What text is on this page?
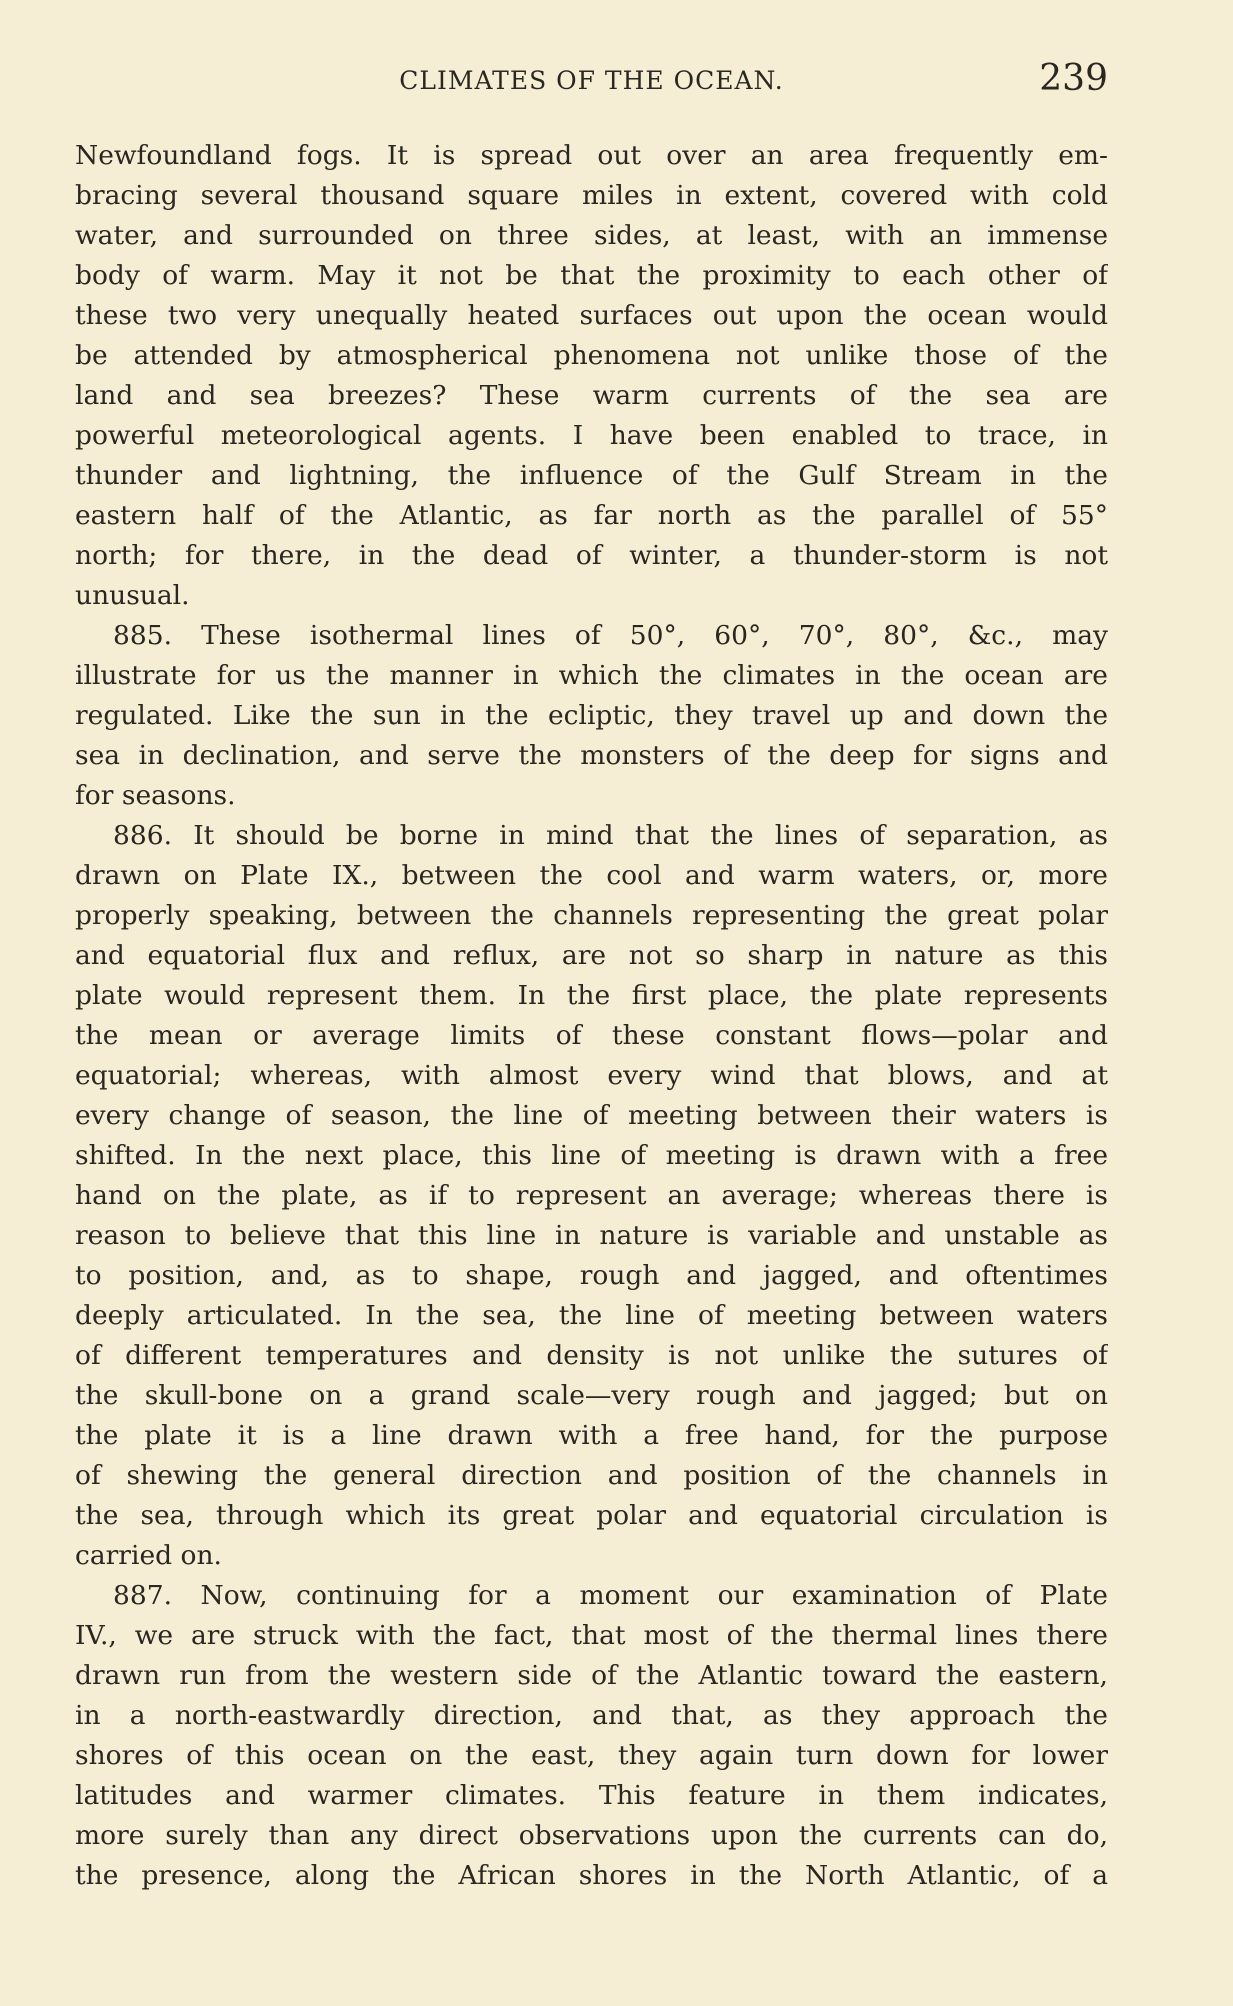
CLIMATES OF THE OCEAN.	239
Newfoundland fogs. It is spread out over an area frequently em-
bracing several thousand square miles in extent, covered with cold
water, and surrounded on three sides, at least, with an immense
body of warm. May it not be that the proximity to each other of
these two very unequally heated surfaces out upon the ocean would
be attended by atmospherical phenomena not unlike those of the
land and sea breezes? These warm currents of the sea are
powerful meteorological agents. I have been enabled to trace, in
thunder and lightning, the influence of the Gulf Stream in the
eastern half of the Atlantic, as far north as the parallel of 55°
north; for there, in the dead of winter, a thunder-storm is not
unusual.
885. These isothermal lines of 50°, 60°, 70°, 80°, &c., may
illustrate for us the manner in which the climates in the ocean are
regulated. Like the sun in the ecliptic, they travel up and down the
sea in declination, and serve the monsters of the deep for signs and
for seasons.
886. It should be borne in mind that the lines of separation, as
drawn on Plate IX., between the cool and warm waters, or, more
properly speaking, between the channels representing the great polar
and equatorial flux and reflux, are not so sharp in nature as this
plate would represent them. In the first place, the plate represents
the mean or average limits of these constant flows—polar and
equatorial; whereas, with almost every wind that blows, and at
every change of season, the line of meeting between their waters is
shifted. In the next place, this line of meeting is drawn with a free
hand on the plate, as if to represent an average; whereas there is
reason to believe that this line in nature is variable and unstable as
to position, and, as to shape, rough and jagged, and oftentimes
deeply articulated. In the sea, the line of meeting between waters
of different temperatures and density is not unlike the sutures of
the skull-bone on a grand scale—very rough and jagged; but on
the plate it is a line drawn with a free hand, for the purpose
of shewing the general direction and position of the channels in
the sea, through which its great polar and equatorial circulation is
carried on.
887. Now, continuing for a moment our examination of Plate
IV., we are struck with the fact, that most of the thermal lines there
drawn run from the western side of the Atlantic toward the eastern,
in a north-eastwardly direction, and that, as they approach the
shores of this ocean on the east, they again turn down for lower
latitudes and warmer climates. This feature in them indicates,
more surely than any direct observations upon the currents can do,
the presence, along the African shores in the North Atlantic, of a
